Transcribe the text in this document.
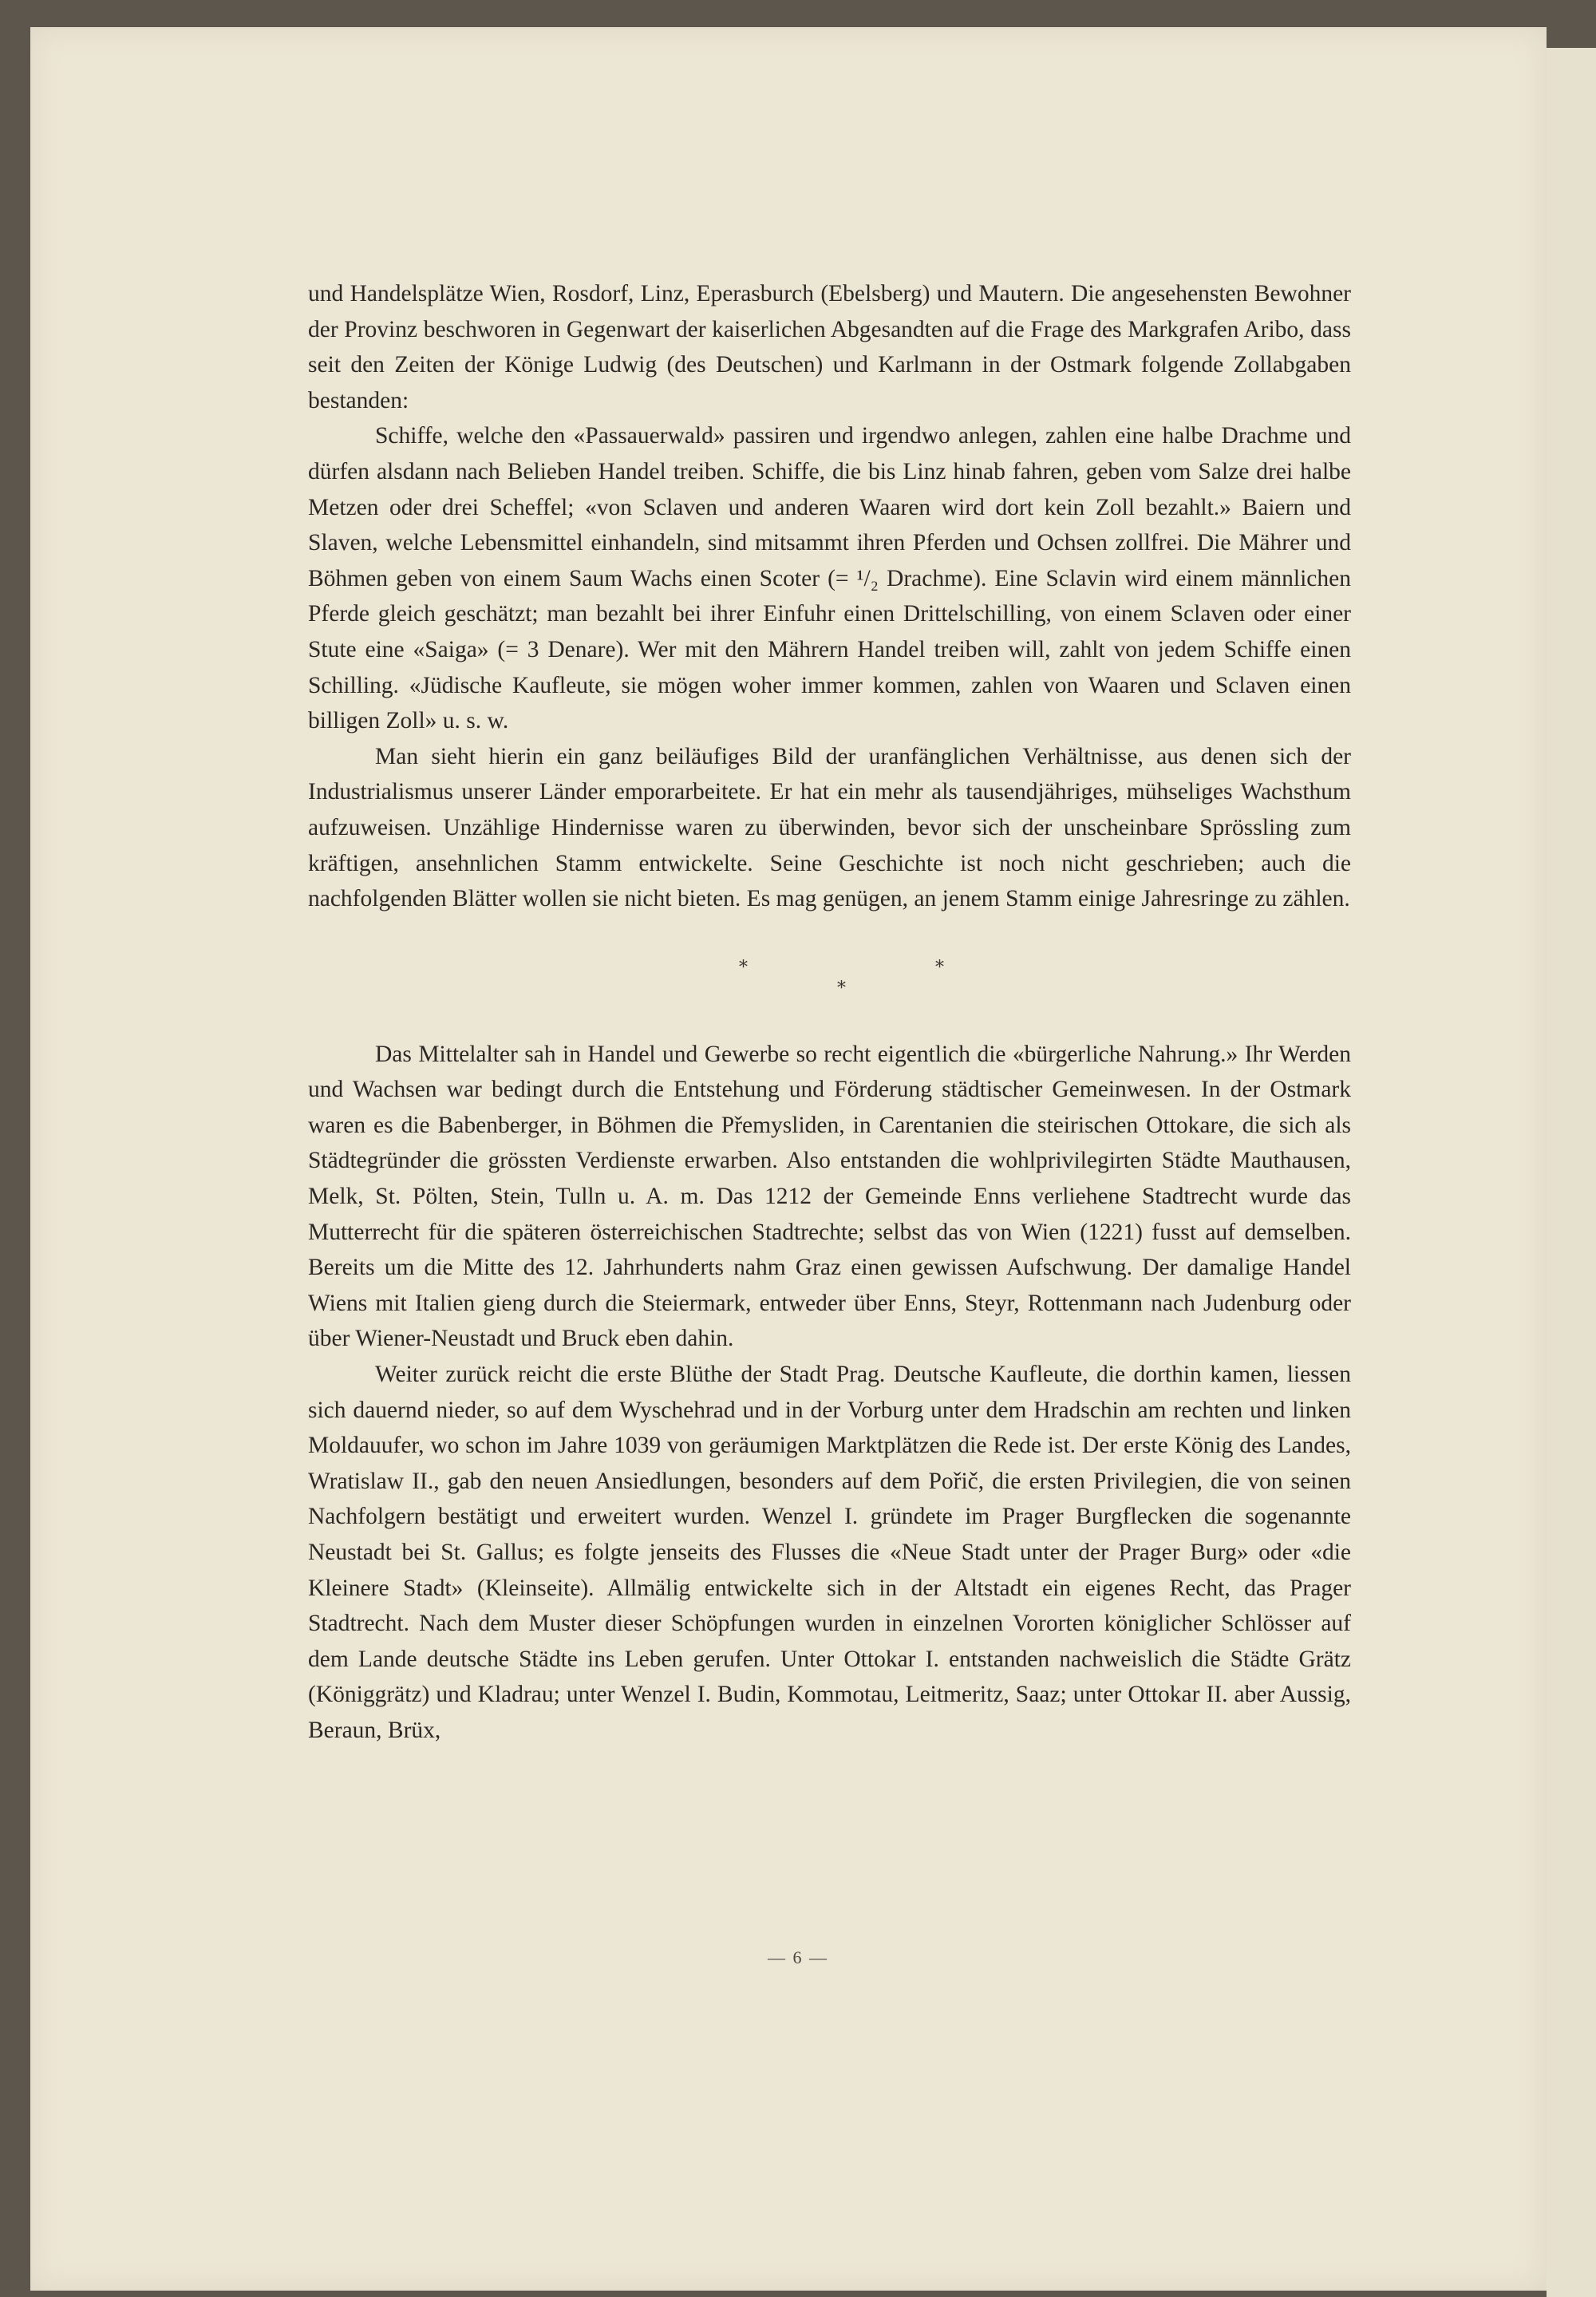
und Handelsplätze Wien, Rosdorf, Linz, Eperasburch (Ebelsberg) und Mautern. Die angesehensten Bewohner der Provinz beschworen in Gegenwart der kaiserlichen Abgesandten auf die Frage des Markgrafen Aribo, dass seit den Zeiten der Könige Ludwig (des Deutschen) und Karlmann in der Ostmark folgende Zollabgaben bestanden:

Schiffe, welche den «Passauerwald» passiren und irgendwo anlegen, zahlen eine halbe Drachme und dürfen alsdann nach Belieben Handel treiben. Schiffe, die bis Linz hinab fahren, geben vom Salze drei halbe Metzen oder drei Scheffel; «von Sclaven und anderen Waaren wird dort kein Zoll bezahlt.» Baiern und Slaven, welche Lebensmittel einhandeln, sind mitsammt ihren Pferden und Ochsen zollfrei. Die Mährer und Böhmen geben von einem Saum Wachs einen Scoter (= ¹/₂ Drachme). Eine Sclavin wird einem männlichen Pferde gleich geschätzt; man bezahlt bei ihrer Einfuhr einen Drittelschilling, von einem Sclaven oder einer Stute eine «Saiga» (= 3 Denare). Wer mit den Mährern Handel treiben will, zahlt von jedem Schiffe einen Schilling. «Jüdische Kaufleute, sie mögen woher immer kommen, zahlen von Waaren und Sclaven einen billigen Zoll» u. s. w.

Man sieht hierin ein ganz beiläufiges Bild der uranfänglichen Verhältnisse, aus denen sich der Industrialismus unserer Länder emporarbeitete. Er hat ein mehr als tausendjähriges, mühseliges Wachsthum aufzuweisen. Unzählige Hindernisse waren zu überwinden, bevor sich der unscheinbare Sprössling zum kräftigen, ansehnlichen Stamm entwickelte. Seine Geschichte ist noch nicht geschrieben; auch die nachfolgenden Blätter wollen sie nicht bieten. Es mag genügen, an jenem Stamm einige Jahresringe zu zählen.

*	*
*

Das Mittelalter sah in Handel und Gewerbe so recht eigentlich die «bürgerliche Nahrung.» Ihr Werden und Wachsen war bedingt durch die Entstehung und Förderung städtischer Gemeinwesen. In der Ostmark waren es die Babenberger, in Böhmen die Přemysliden, in Carentanien die steirischen Ottokare, die sich als Städtegründer die grössten Verdienste erwarben. Also entstanden die wohlprivilegirten Städte Mauthausen, Melk, St. Pölten, Stein, Tulln u. A. m. Das 1212 der Gemeinde Enns verliehene Stadtrecht wurde das Mutterrecht für die späteren österreichischen Stadtrechte; selbst das von Wien (1221) fusst auf demselben. Bereits um die Mitte des 12. Jahrhunderts nahm Graz einen gewissen Aufschwung. Der damalige Handel Wiens mit Italien gieng durch die Steiermark, entweder über Enns, Steyr, Rottenmann nach Judenburg oder über Wiener-Neustadt und Bruck eben dahin.

Weiter zurück reicht die erste Blüthe der Stadt Prag. Deutsche Kaufleute, die dorthin kamen, liessen sich dauernd nieder, so auf dem Wyschehrad und in der Vorburg unter dem Hradschin am rechten und linken Moldauufer, wo schon im Jahre 1039 von geräumigen Marktplätzen die Rede ist. Der erste König des Landes, Wratislaw II., gab den neuen Ansiedlungen, besonders auf dem Pořič, die ersten Privilegien, die von seinen Nachfolgern bestätigt und erweitert wurden. Wenzel I. gründete im Prager Burgflecken die sogenannte Neustadt bei St. Gallus; es folgte jenseits des Flusses die «Neue Stadt unter der Prager Burg» oder «die Kleinere Stadt» (Kleinseite). Allmälig entwickelte sich in der Altstadt ein eigenes Recht, das Prager Stadtrecht. Nach dem Muster dieser Schöpfungen wurden in einzelnen Vororten königlicher Schlösser auf dem Lande deutsche Städte ins Leben gerufen. Unter Ottokar I. entstanden nachweislich die Städte Grätz (Königgrätz) und Kladrau; unter Wenzel I. Budin, Kommotau, Leitmeritz, Saaz; unter Ottokar II. aber Aussig, Beraun, Brüx,

— 6 —
